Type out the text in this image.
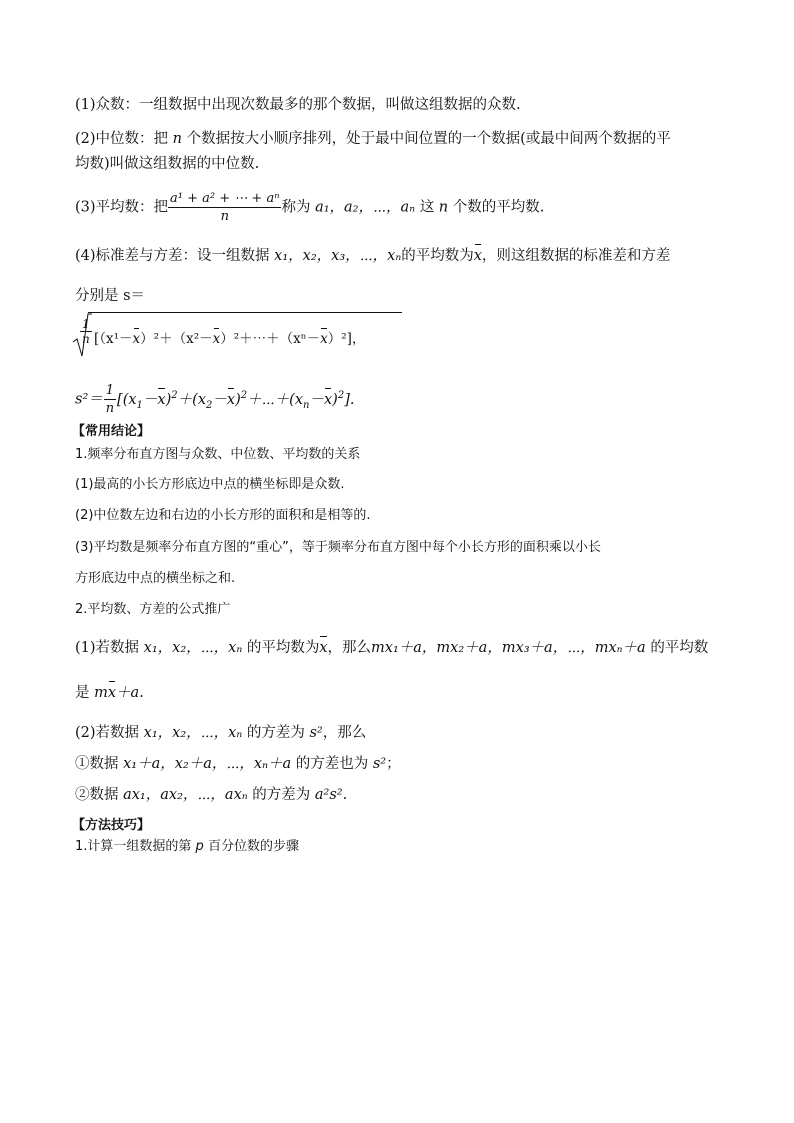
(1)众数：一组数据中出现次数最多的那个数据，叫做这组数据的众数.
(2)中位数：把 n 个数据按大小顺序排列，处于最中间位置的一个数据(或最中间两个数据的平
均数)叫做这组数据的中位数.
(3)平均数：把 $\frac{\text{a¹ + a² + ⋯ + aⁿ}}{n}$ 称为 a₁，a₂，⋯，aₙ 这 n 个数的平均数.
(4)标准差与方差：设一组数据 x₁，x₂，x₃，⋯，xₙ的平均数为x，则这组数据的标准差和方差
分别是 s＝
$\frac{1}{n}$ [（x¹－x）²＋（x²－x）²＋⋯＋（xⁿ－x）²]，
$s^2= \frac{1}{n}$ $[(x_1-x)^2+(x_2-x)^2+\cdots+(x_n-x)^2]$.
【常用结论】
1.频率分布直方图与众数、中位数、平均数的关系
(1)最高的小长方形底边中点的横坐标即是众数.
(2)中位数左边和右边的小长方形的面积和是相等的.
(3)平均数是频率分布直方图的“重心”，等于频率分布直方图中每个小长方形的面积乘以小长
方形底边中点的横坐标之和.
2.平均数、方差的公式推广
(1)若数据 x₁，x₂，⋯，xₙ 的平均数为x，那么mx₁＋a，mx₂＋a，mx₃＋a，⋯，mxₙ＋a 的平均数
是 mx＋a.
(2)若数据 x₁，x₂，⋯，xₙ 的方差为 s²，那么
①数据 x₁＋a，x₂＋a，⋯，xₙ＋a 的方差也为 s²；
②数据 ax₁，ax₂，⋯，axₙ 的方差为 a²s².
【方法技巧】
1.计算一组数据的第 p 百分位数的步骤
